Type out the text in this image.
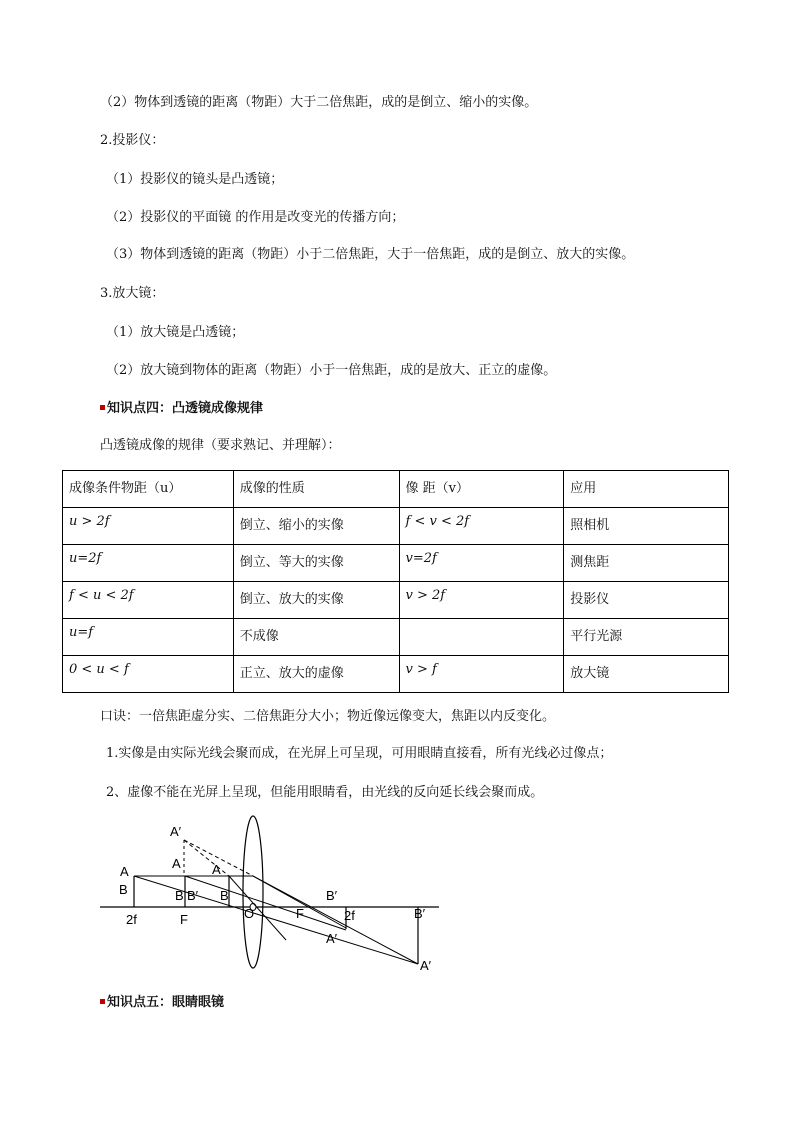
（2）物体到透镜的距离（物距）大于二倍焦距，成的是倒立、缩小的实像。
2.投影仪：
（1）投影仪的镜头是凸透镜；
（2）投影仪的平面镜 的作用是改变光的传播方向；
（3）物体到透镜的距离（物距）小于二倍焦距，大于一倍焦距，成的是倒立、放大的实像。
3.放大镜：
（1）放大镜是凸透镜；
（2）放大镜到物体的距离（物距）小于一倍焦距，成的是放大、正立的虚像。
知识点四：凸透镜成像规律
凸透镜成像的规律（要求熟记、并理解）：
成像条件物距（u）	成像的性质	像 距（v）	应用
u > 2f	倒立、缩小的实像	f < v < 2f	照相机
u=2f	倒立、等大的实像	v=2f	测焦距
f < u < 2f	倒立、放大的实像	v > 2f	投影仪
u=f	不成像		平行光源
0 < u < f	正立、放大的虚像	v > f	放大镜
口诀：一倍焦距虚分实、二倍焦距分大小；物近像远像变大，焦距以内反变化。
1.实像是由实际光线会聚而成，在光屏上可呈现，可用眼睛直接看，所有光线必过像点；
2、虚像不能在光屏上呈现，但能用眼睛看，由光线的反向延长线会聚而成。
A′
A
B
2f
A
B B′
F
A
B
O	F
B′
2f
A′
B′
A′
知识点五：眼睛眼镜
